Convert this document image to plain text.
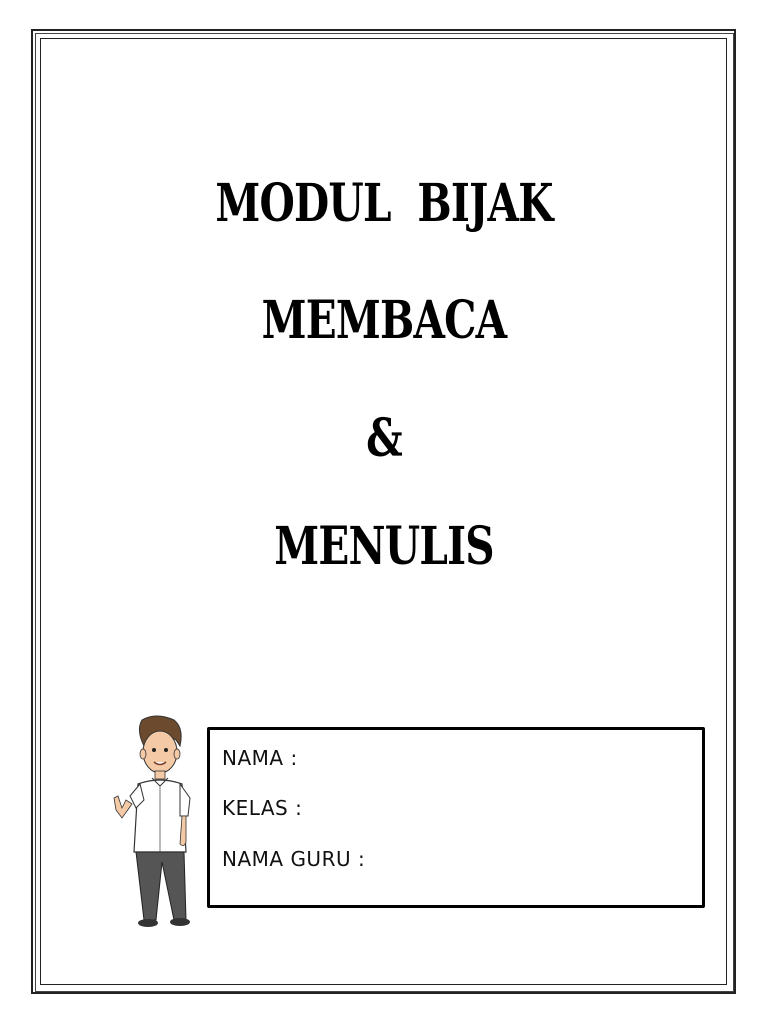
MODUL  BIJAK
MEMBACA
&
MENULIS
NAMA :
KELAS :
NAMA GURU :
